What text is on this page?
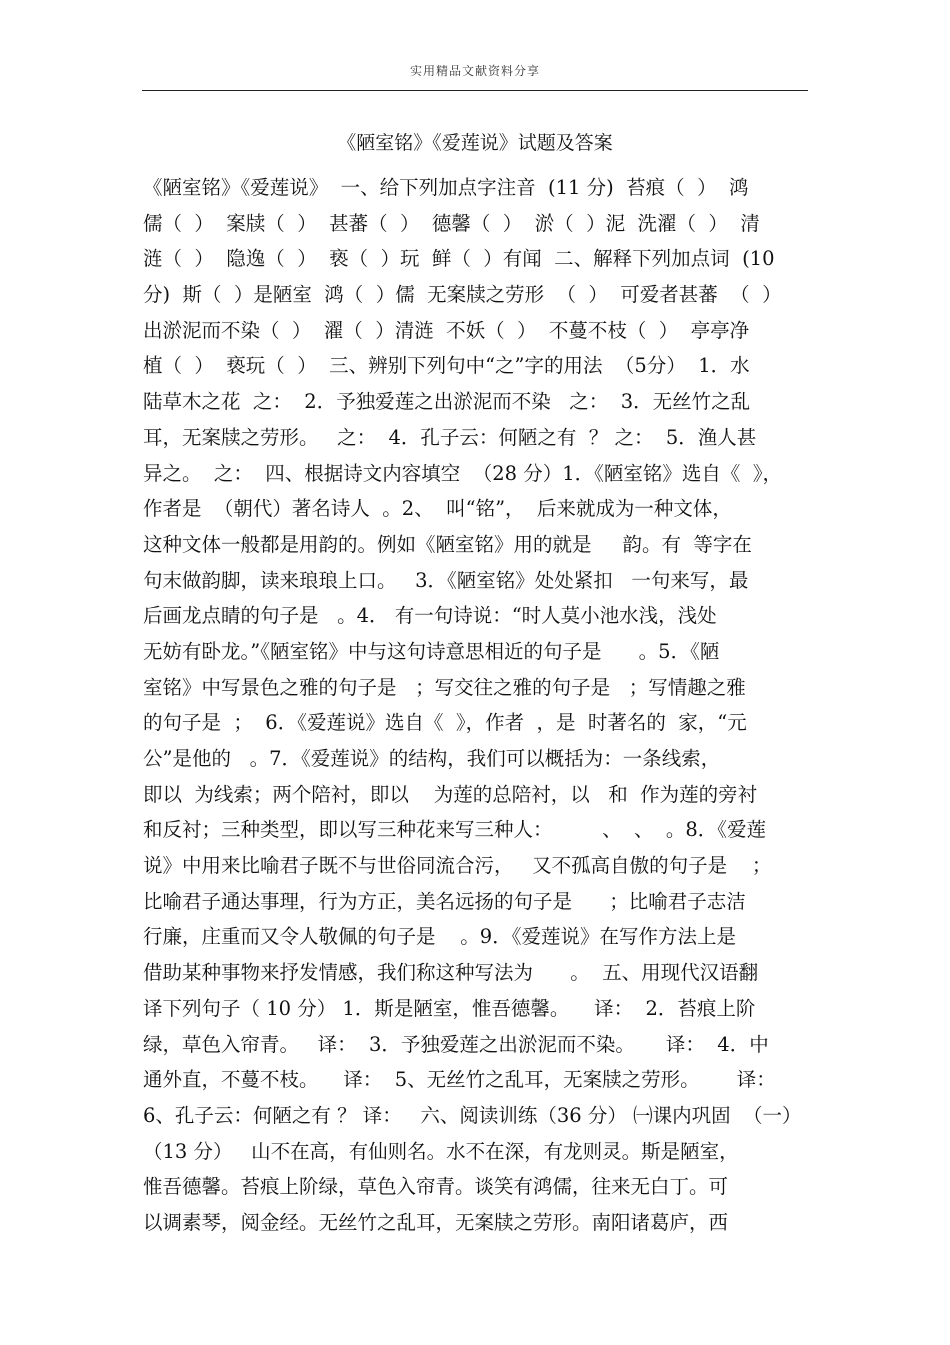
实用精品文献资料分享
《陋室铭》《爱莲说》试题及答案
《陋室铭》《爱莲说》  一、给下列加点字注音  (11 分)  苔痕（  ）  鸿
儒（  ）  案牍（  ）  甚蕃（  ）  德馨（  ）  淤（  ）泥  洗濯（  ）  清
涟（  ）  隐逸（  ）  亵（  ）玩  鲜（  ）有闻  二、解释下列加点词  (10
分)  斯（  ）是陋室  鸿（  ）儒  无案牍之劳形  （  ）  可爱者甚蕃  （  ）
出淤泥而不染（  ）  濯（  ）清涟  不妖（  ）  不蔓不枝（  ）  亭亭净
植（  ）  亵玩（  ）  三、辨别下列句中“之”字的用法  （5分）  1．水
陆草木之花  之：  2．予独爱莲之出淤泥而不染   之：  3．无丝竹之乱
耳，无案牍之劳形。   之：  4．孔子云：何陋之有  ？ 之：  5．渔人甚
异之。  之：  四、根据诗文内容填空  （28 分）1．《陋室铭》选自《  》，
作者是  （朝代）著名诗人  。2、  叫“铭”，  后来就成为一种文体，
这种文体一般都是用韵的。例如《陋室铭》用的就是     韵。有  等字在
句末做韵脚，读来琅琅上口。   3．《陋室铭》处处紧扣   一句来写，最
后画龙点睛的句子是   。4． 有一句诗说：“时人莫小池水浅，浅处
无妨有卧龙。”《陋室铭》中与这句诗意思相近的句子是      。5．《陋
室铭》中写景色之雅的句子是   ；写交往之雅的句子是   ；写情趣之雅
的句子是  ；  6．《爱莲说》选自《  》，作者  ，是  时著名的  家，“元
公”是他的   。7．《爱莲说》的结构，我们可以概括为：一条线索，
即以  为线索；两个陪衬，即以    为莲的总陪衬，以   和  作为莲的旁衬
和反衬；三种类型，即以写三种花来写三种人：        、  、  。8．《爱莲
说》中用来比喻君子既不与世俗同流合污，   又不孤高自傲的句子是    ；
比喻君子通达事理，行为方正，美名远扬的句子是      ；比喻君子志洁
行廉，庄重而又令人敬佩的句子是    。9．《爱莲说》在写作方法上是
借助某种事物来抒发情感，我们称这种写法为      。  五、用现代汉语翻
译下列句子（ 10 分） 1．斯是陋室，惟吾德馨。    译：  2．苔痕上阶
绿，草色入帘青。   译：  3．予独爱莲之出淤泥而不染。     译：  4．中
通外直，不蔓不枝。    译：  5、无丝竹之乱耳，无案牍之劳形。      译：
6、孔子云：何陋之有 ？ 译：   六、阅读训练（36 分） ㈠课内巩固  （一）
（13 分）   山不在高，有仙则名。水不在深，有龙则灵。斯是陋室，
惟吾德馨。苔痕上阶绿，草色入帘青。谈笑有鸿儒，往来无白丁。可
以调素琴，阅金经。无丝竹之乱耳，无案牍之劳形。南阳诸葛庐，西
